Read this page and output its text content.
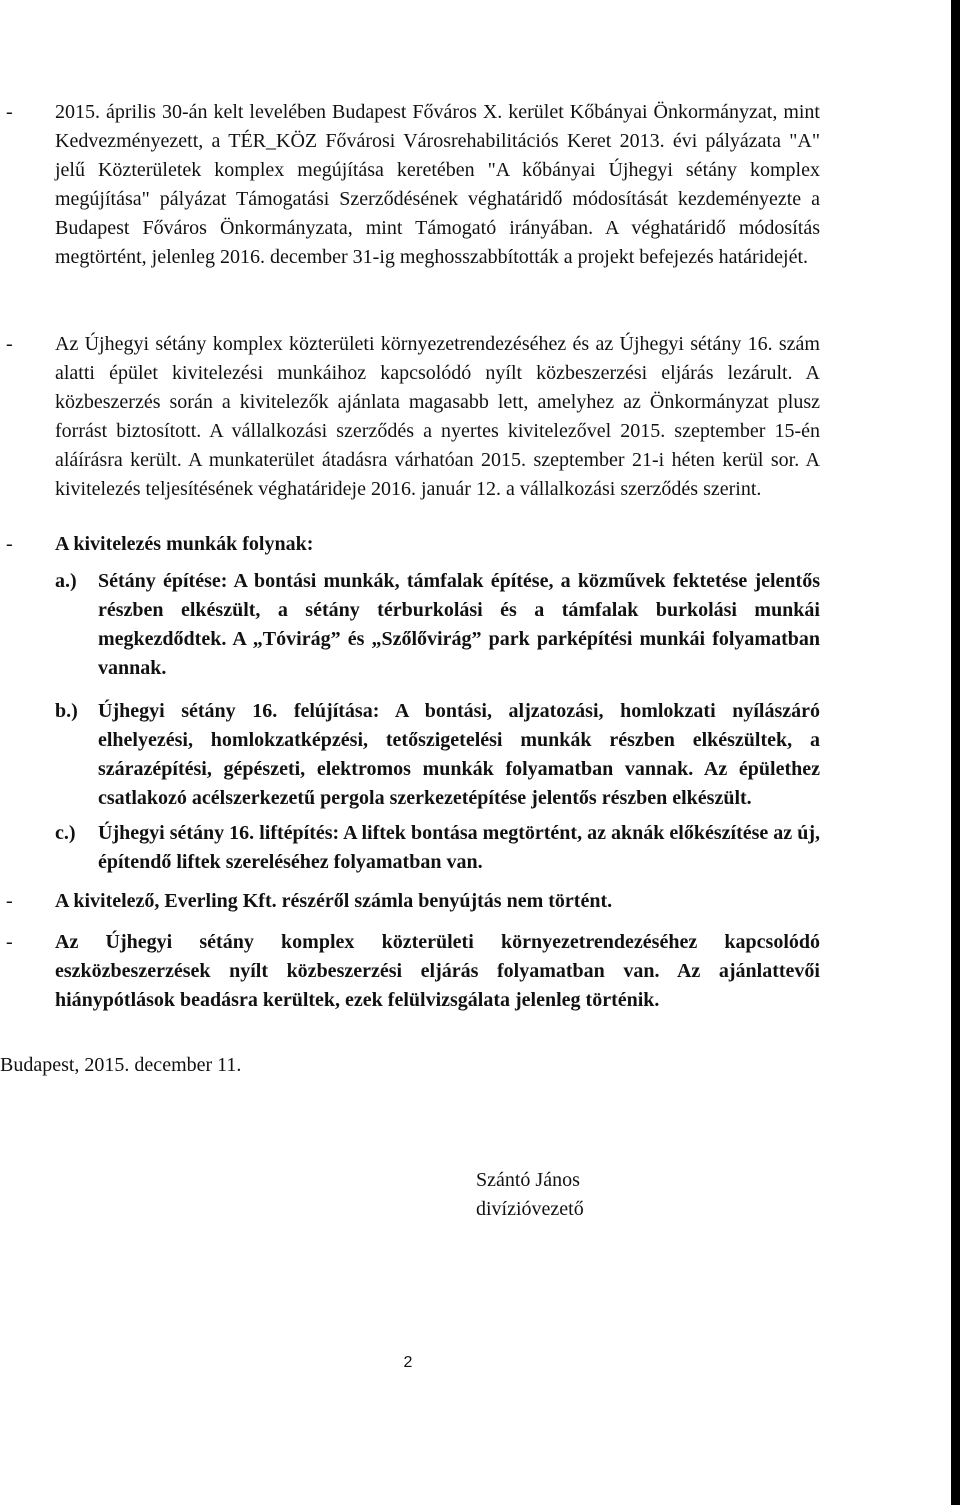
- 2015. április 30-án kelt levelében Budapest Főváros X. kerület Kőbányai Önkormányzat, mint Kedvezményezett, a TÉR_KÖZ Fővárosi Városrehabilitációs Keret 2013. évi pályázata "A" jelű Közterületek komplex megújítása keretében "A kőbányai Újhegyi sétány komplex megújítása" pályázat Támogatási Szerződésének véghatáridő módosítását kezdeményezte a Budapest Főváros Önkormányzata, mint Támogató irányában. A véghatáridő módosítás megtörtént, jelenleg 2016. december 31-ig meghosszabbították a projekt befejezés határidejét.
- Az Újhegyi sétány komplex közterületi környezetrendezéséhez és az Újhegyi sétány 16. szám alatti épület kivitelezési munkáihoz kapcsolódó nyílt közbeszerzési eljárás lezárult. A közbeszerzés során a kivitelezők ajánlata magasabb lett, amelyhez az Önkormányzat plusz forrást biztosított. A vállalkozási szerződés a nyertes kivitelezővel 2015. szeptember 15-én aláírásra került. A munkaterület átadásra várhatóan 2015. szeptember 21-i héten kerül sor. A kivitelezés teljesítésének véghatárideje 2016. január 12. a vállalkozási szerződés szerint.
- A kivitelezés munkák folynak:
a.) Sétány építése: A bontási munkák, támfalak építése, a közművek fektetése jelentős részben elkészült, a sétány térburkolási és a támfalak burkolási munkái megkezdődtek. A „Tóvirág” és „Szőlővirág” park parképítési munkái folyamatban vannak.
b.) Újhegyi sétány 16. felújítása: A bontási, aljzatozási, homlokzati nyílászáró elhelyezési, homlokzatképzési, tetőszigetelési munkák részben elkészültek, a szárazépítési, gépészeti, elektromos munkák folyamatban vannak. Az épülethez csatlakozó acélszerkezetű pergola szerkezetépítése jelentős részben elkészült.
c.) Újhegyi sétány 16. liftépítés: A liftek bontása megtörtént, az aknák előkészítése az új, építendő liftek szereléséhez folyamatban van.
- A kivitelező, Everling Kft. részéről számla benyújtás nem történt.
- Az Újhegyi sétány komplex közterületi környezetrendezéséhez kapcsolódó eszközbeszerzések nyílt közbeszerzési eljárás folyamatban van. Az ajánlattevői hiánypótlások beadásra kerültek, ezek felülvizsgálata jelenleg történik.
Budapest, 2015. december 11.
Szántó János
divízióvezető
2
